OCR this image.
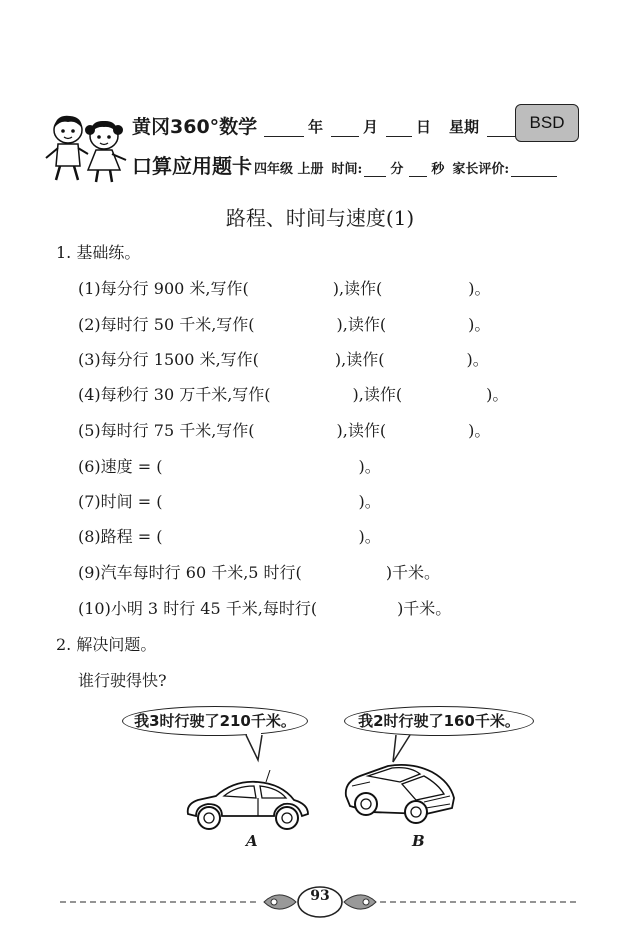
黄冈360°数学
口算应用题卡
年	月	日 星期	BSD
四年级 上册 时间: 分 秒 家长评价:
路程、时间与速度(1)
1. 基础练。
(1)每分行 900 米,写作(	),读作(	)。
(2)每时行 50 千米,写作(	),读作(	)。
(3)每分行 1500 米,写作(	),读作(	)。
(4)每秒行 30 万千米,写作(	),读作(	)。
(5)每时行 75 千米,写作(	),读作(	)。
(6)速度 = (	)。
(7)时间 = (	)。
(8)路程 = (	)。
(9)汽车每时行 60 千米,5 时行(	)千米。
(10)小明 3 时行 45 千米,每时行(	)千米。
2. 解决问题。
谁行驶得快?
我3时行驶了210千米。	我2时行驶了160千米。
A	B
93
